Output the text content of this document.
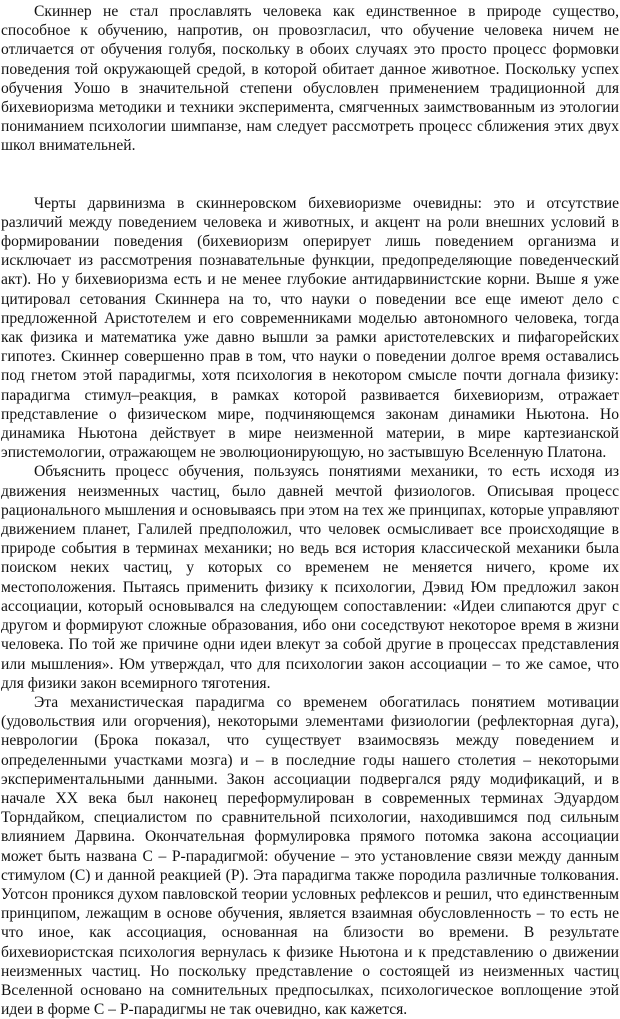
Скиннер не стал прославлять человека как единственное в природе существо, способное к обучению, напротив, он провозгласил, что обучение человека ничем не отличается от обучения голубя, поскольку в обоих случаях это просто процесс формовки поведения той окружающей средой, в которой обитает данное животное. Поскольку успех обучения Уошо в значительной степени обусловлен применением традиционной для бихевиоризма методики и техники эксперимента, смягченных заимствованным из этологии пониманием психологии шимпанзе, нам следует рассмотреть процесс сближения этих двух школ внимательней.

Черты дарвинизма в скиннеровском бихевиоризме очевидны: это и отсутствие различий между поведением человека и животных, и акцент на роли внешних условий в формировании поведения (бихевиоризм оперирует лишь поведением организма и исключает из рассмотрения познавательные функции, предопределяющие поведенческий акт). Но у бихевиоризма есть и не менее глубокие антидарвинистские корни. Выше я уже цитировал сетования Скиннера на то, что науки о поведении все еще имеют дело с предложенной Аристотелем и его современниками моделью автономного человека, тогда как физика и математика уже давно вышли за рамки аристотелевских и пифагорейских гипотез. Скиннер совершенно прав в том, что науки о поведении долгое время оставались под гнетом этой парадигмы, хотя психология в некотором смысле почти догнала физику: парадигма стимул–реакция, в рамках которой развивается бихевиоризм, отражает представление о физическом мире, подчиняющемся законам динамики Ньютона. Но динамика Ньютона действует в мире неизменной материи, в мире картезианской эпистемологии, отражающем не эволюционирующую, но застывшую Вселенную Платона.

Объяснить процесс обучения, пользуясь понятиями механики, то есть исходя из движения неизменных частиц, было давней мечтой физиологов. Описывая процесс рационального мышления и основываясь при этом на тех же принципах, которые управляют движением планет, Галилей предположил, что человек осмысливает все происходящие в природе события в терминах механики; но ведь вся история классической механики была поиском неких частиц, у которых со временем не меняется ничего, кроме их местоположения. Пытаясь применить физику к психологии, Дэвид Юм предложил закон ассоциации, который основывался на следующем сопоставлении: «Идеи слипаются друг с другом и формируют сложные образования, ибо они соседствуют некоторое время в жизни человека. По той же причине одни идеи влекут за собой другие в процессах представления или мышления». Юм утверждал, что для психологии закон ассоциации – то же самое, что для физики закон всемирного тяготения.

Эта механистическая парадигма со временем обогатилась понятием мотивации (удовольствия или огорчения), некоторыми элементами физиологии (рефлекторная дуга), неврологии (Брока показал, что существует взаимосвязь между поведением и определенными участками мозга) и – в последние годы нашего столетия – некоторыми экспериментальными данными. Закон ассоциации подвергался ряду модификаций, и в начале XX века был наконец переформулирован в современных терминах Эдуардом Торндайком, специалистом по сравнительной психологии, находившимся под сильным влиянием Дарвина. Окончательная формулировка прямого потомка закона ассоциации может быть названа С – Р-парадигмой: обучение – это установление связи между данным стимулом (С) и данной реакцией (Р). Эта парадигма также породила различные толкования. Уотсон проникся духом павловской теории условных рефлексов и решил, что единственным принципом, лежащим в основе обучения, является взаимная обусловленность – то есть не что иное, как ассоциация, основанная на близости во времени. В результате бихевиористская психология вернулась к физике Ньютона и к представлению о движении неизменных частиц. Но поскольку представление о состоящей из неизменных частиц Вселенной основано на сомнительных предпосылках, психологическое воплощение этой идеи в форме С – Р-парадигмы не так очевидно, как кажется.
